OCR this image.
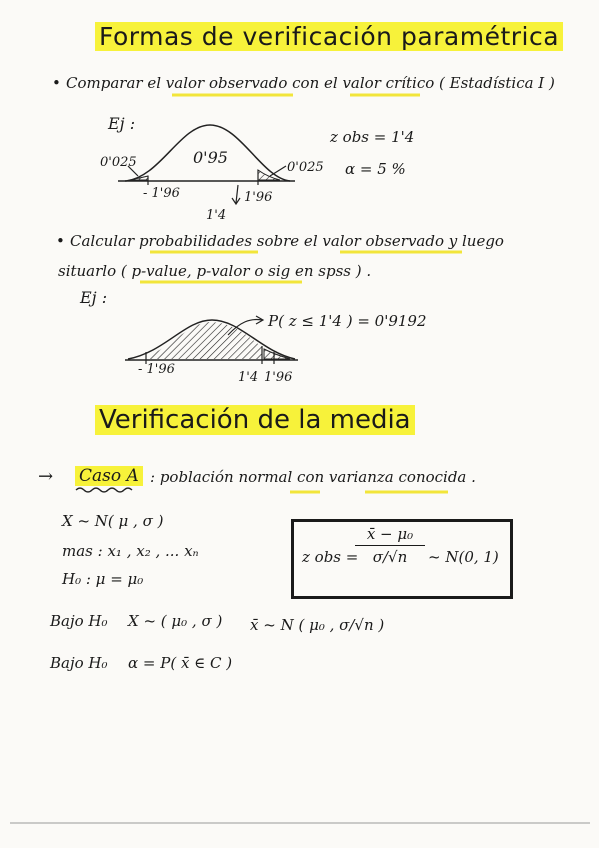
Formas de verificación paramétrica
• Comparar el valor observado con el valor crítico ( Estadística I )
Ej :
z obs = 1'4
α = 5 %
0'95
0'025	0'025
- 1'96	1'96
1'4
• Calcular probabilidades sobre el valor observado y luego
situarlo ( p-value, p-valor o sig en spss ) .
Ej :
P( z ≤ 1'4 ) = 0'9192
- 1'96
1'4 1'96
Verificación de la media
→ Caso A : población normal con varianza conocida .
X ~ N( μ , σ )
mas : x₁ , x₂ , ... xₙ
H₀ : μ = μ₀
z obs =
$\frac{\text{x̄ − μ₀}}{\sigma/√n}$ ~ N(0, 1)
Bajo H₀ X ~ ( μ₀ , σ ) x̄ ~ N ( μ₀ , σ/√n )
Bajo H₀ α = P( x̄ ∈ C )
